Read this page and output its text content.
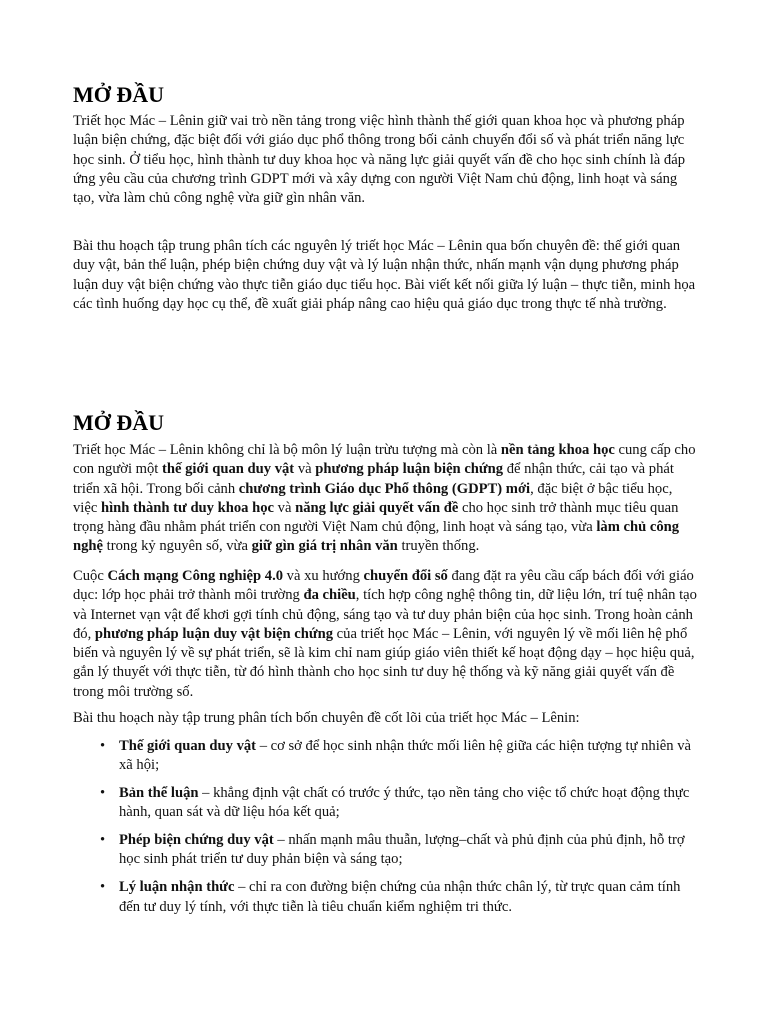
MỞ ĐẦU

Triết học Mác – Lênin giữ vai trò nền tảng trong việc hình thành thế giới quan khoa học và phương pháp luận biện chứng, đặc biệt đối với giáo dục phổ thông trong bối cảnh chuyển đổi số và phát triển năng lực học sinh. Ở tiểu học, hình thành tư duy khoa học và năng lực giải quyết vấn đề cho học sinh chính là đáp ứng yêu cầu của chương trình GDPT mới và xây dựng con người Việt Nam chủ động, linh hoạt và sáng tạo, vừa làm chủ công nghệ vừa giữ gìn nhân văn.

Bài thu hoạch tập trung phân tích các nguyên lý triết học Mác – Lênin qua bốn chuyên đề: thế giới quan duy vật, bản thể luận, phép biện chứng duy vật và lý luận nhận thức, nhấn mạnh vận dụng phương pháp luận duy vật biện chứng vào thực tiễn giáo dục tiểu học. Bài viết kết nối giữa lý luận – thực tiễn, minh họa các tình huống dạy học cụ thể, đề xuất giải pháp nâng cao hiệu quả giáo dục trong thực tế nhà trường.

MỞ ĐẦU

Triết học Mác – Lênin không chỉ là bộ môn lý luận trừu tượng mà còn là nền tảng khoa học cung cấp cho con người một thế giới quan duy vật và phương pháp luận biện chứng để nhận thức, cải tạo và phát triển xã hội. Trong bối cảnh chương trình Giáo dục Phổ thông (GDPT) mới, đặc biệt ở bậc tiểu học, việc hình thành tư duy khoa học và năng lực giải quyết vấn đề cho học sinh trở thành mục tiêu quan trọng hàng đầu nhằm phát triển con người Việt Nam chủ động, linh hoạt và sáng tạo, vừa làm chủ công nghệ trong kỷ nguyên số, vừa giữ gìn giá trị nhân văn truyền thống.

Cuộc Cách mạng Công nghiệp 4.0 và xu hướng chuyển đổi số đang đặt ra yêu cầu cấp bách đối với giáo dục: lớp học phải trở thành môi trường đa chiều, tích hợp công nghệ thông tin, dữ liệu lớn, trí tuệ nhân tạo và Internet vạn vật để khơi gợi tính chủ động, sáng tạo và tư duy phản biện của học sinh. Trong hoàn cảnh đó, phương pháp luận duy vật biện chứng của triết học Mác – Lênin, với nguyên lý về mối liên hệ phổ biến và nguyên lý về sự phát triển, sẽ là kim chỉ nam giúp giáo viên thiết kế hoạt động dạy – học hiệu quả, gắn lý thuyết với thực tiễn, từ đó hình thành cho học sinh tư duy hệ thống và kỹ năng giải quyết vấn đề trong môi trường số.

Bài thu hoạch này tập trung phân tích bốn chuyên đề cốt lõi của triết học Mác – Lênin:

• Thế giới quan duy vật – cơ sở để học sinh nhận thức mối liên hệ giữa các hiện tượng tự nhiên và xã hội;
• Bản thể luận – khẳng định vật chất có trước ý thức, tạo nền tảng cho việc tổ chức hoạt động thực hành, quan sát và dữ liệu hóa kết quả;
• Phép biện chứng duy vật – nhấn mạnh mâu thuẫn, lượng–chất và phủ định của phủ định, hỗ trợ học sinh phát triển tư duy phản biện và sáng tạo;
• Lý luận nhận thức – chỉ ra con đường biện chứng của nhận thức chân lý, từ trực quan cảm tính đến tư duy lý tính, với thực tiễn là tiêu chuẩn kiểm nghiệm tri thức.
